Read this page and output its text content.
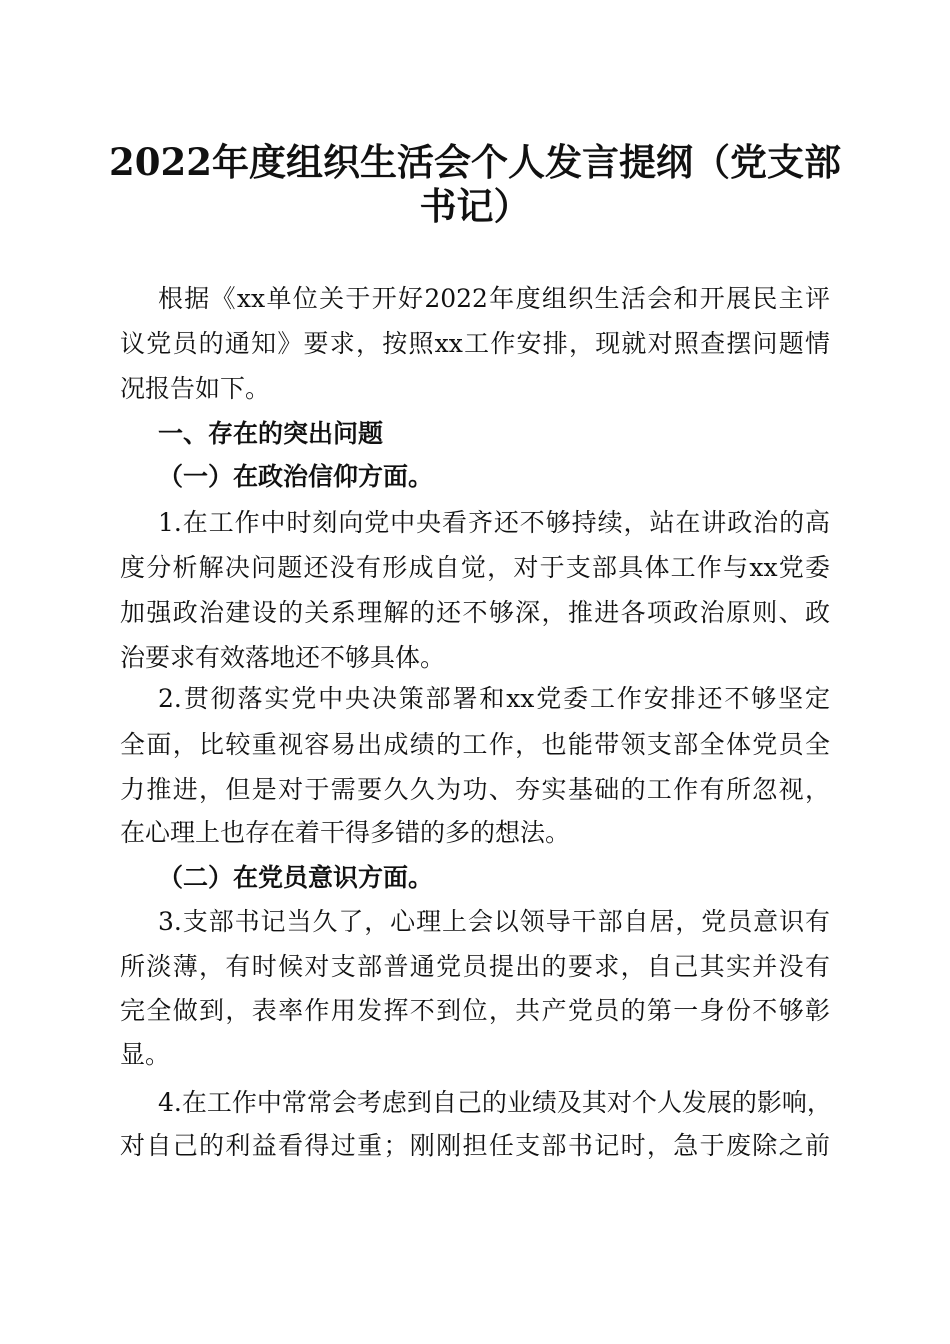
2022年度组织生活会个人发言提纲（党支部
书记）

根据《xx单位关于开好2022年度组织生活会和开展民主评

议党员的通知》要求，按照xx工作安排，现就对照查摆问题情

况报告如下。

一、存在的突出问题

（一）在政治信仰方面。

1.在工作中时刻向党中央看齐还不够持续，站在讲政治的高

度分析解决问题还没有形成自觉，对于支部具体工作与xx党委

加强政治建设的关系理解的还不够深，推进各项政治原则、政

治要求有效落地还不够具体。

2.贯彻落实党中央决策部署和xx党委工作安排还不够坚定

全面，比较重视容易出成绩的工作，也能带领支部全体党员全

力推进，但是对于需要久久为功、夯实基础的工作有所忽视，

在心理上也存在着干得多错的多的想法。

（二）在党员意识方面。

3.支部书记当久了，心理上会以领导干部自居，党员意识有

所淡薄，有时候对支部普通党员提出的要求，自己其实并没有

完全做到，表率作用发挥不到位，共产党员的第一身份不够彰

显。

4.在工作中常常会考虑到自己的业绩及其对个人发展的影响，

对自己的利益看得过重；刚刚担任支部书记时，急于废除之前
